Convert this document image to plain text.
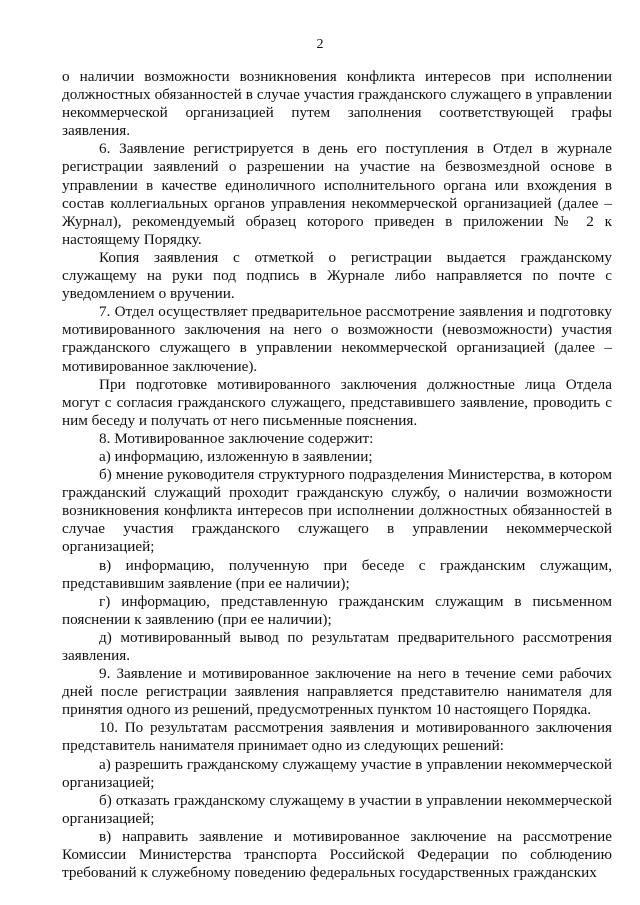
2

о наличии возможности возникновения конфликта интересов при исполнении должностных обязанностей в случае участия гражданского служащего в управлении некоммерческой организацией путем заполнения соответствующей графы заявления.

6. Заявление регистрируется в день его поступления в Отдел в журнале регистрации заявлений о разрешении на участие на безвозмездной основе в управлении в качестве единоличного исполнительного органа или вхождения в состав коллегиальных органов управления некоммерческой организацией (далее – Журнал), рекомендуемый образец которого приведен в приложении № 2 к настоящему Порядку.

Копия заявления с отметкой о регистрации выдается гражданскому служащему на руки под подпись в Журнале либо направляется по почте с уведомлением о вручении.

7. Отдел осуществляет предварительное рассмотрение заявления и подготовку мотивированного заключения на него о возможности (невозможности) участия гражданского служащего в управлении некоммерческой организацией (далее – мотивированное заключение).

При подготовке мотивированного заключения должностные лица Отдела могут с согласия гражданского служащего, представившего заявление, проводить с ним беседу и получать от него письменные пояснения.

8. Мотивированное заключение содержит:

а) информацию, изложенную в заявлении;

б) мнение руководителя структурного подразделения Министерства, в котором гражданский служащий проходит гражданскую службу, о наличии возможности возникновения конфликта интересов при исполнении должностных обязанностей в случае участия гражданского служащего в управлении некоммерческой организацией;

в) информацию, полученную при беседе с гражданским служащим, представившим заявление (при ее наличии);

г) информацию, представленную гражданским служащим в письменном пояснении к заявлению (при ее наличии);

д) мотивированный вывод по результатам предварительного рассмотрения заявления.

9. Заявление и мотивированное заключение на него в течение семи рабочих дней после регистрации заявления направляется представителю нанимателя для принятия одного из решений, предусмотренных пунктом 10 настоящего Порядка.

10. По результатам рассмотрения заявления и мотивированного заключения представитель нанимателя принимает одно из следующих решений:

а) разрешить гражданскому служащему участие в управлении некоммерческой организацией;

б) отказать гражданскому служащему в участии в управлении некоммерческой организацией;

в) направить заявление и мотивированное заключение на рассмотрение Комиссии Министерства транспорта Российской Федерации по соблюдению требований к служебному поведению федеральных государственных гражданских
